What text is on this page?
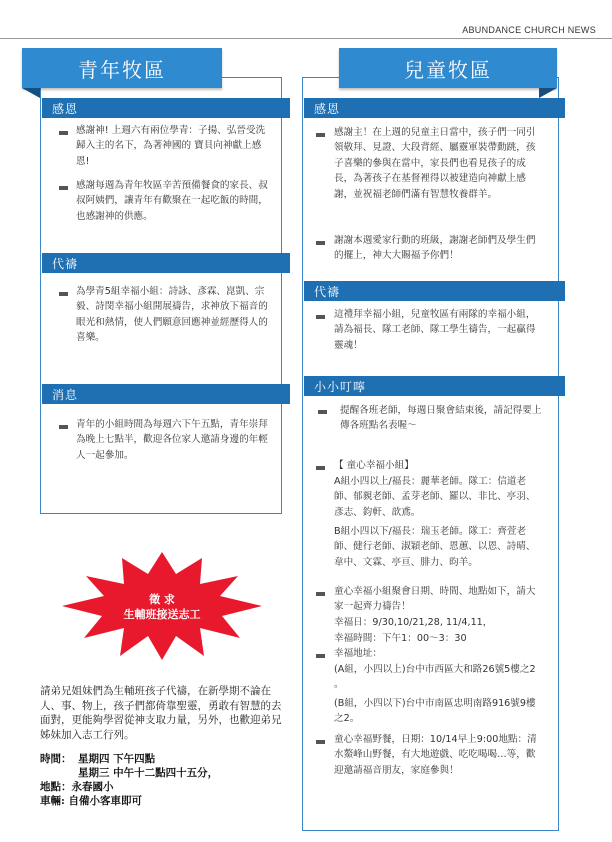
ABUNDANCE CHURCH NEWS
青年牧區
感恩
感謝神! 上週六有兩位學青：子揚、弘晉受洗歸入主的名下，為著神國的 寶貝向神獻上感恩!
感謝每週為青年牧區辛苦預備餐食的家長、叔叔阿姨們，讓青年有歡聚在一起吃飯的時間，也感謝神的供應。
代禱
為學青5組幸福小組：詩詠、彥霖、崑凱、宗毅、詩閔幸福小組開展禱告，求神放下福音的眼光和熱情，使人們願意回應神並經歷得人的喜樂。
消息
青年的小組時間為每週六下午五點，青年崇拜為晚上七點半，歡迎各位家人邀請身邊的年輕人一起參加。
徵 求
生輔班接送志工
請弟兄姐妹們為生輔班孩子代禱，在新學期不論在人、事、物上，孩子們都倚靠聖靈，勇敢有智慧的去面對，更能夠學習從神支取力量，另外，也歡迎弟兄姊妹加入志工行列。
時間： 星期四 下午四點
星期三 中午十二點四十五分，
地點：永春國小
車輛: 自備小客車即可
兒童牧區
感恩
感謝主！在上週的兒童主日當中，孩子們一同引領敬拜、見證、大段背經、屬靈軍裝帶動跳，孩子喜樂的參與在當中，家長們也看見孩子的成長，為著孩子在基督裡得以被建造向神獻上感謝，並祝福老師們滿有智慧牧養群羊。
謝謝本週愛家行動的班級，謝謝老師們及學生們的擺上，神大大賜福予你們！
代禱
這禮拜幸福小組，兒童牧區有兩隊的幸福小組，請為福長、隊工老師、隊工學生禱告，一起贏得靈魂！
小小叮嚀
提醒各班老師，每週日聚會結束後，請記得要上傳各班點名表喔～
【 童心幸福小組】
A組小四以上/福長：麗華老師。隊工：信道老師、郁親老師、孟芽老師、羅以、非比、亭羽、彥志、鈞軒、歆鳶。
B組小四以下/福長：瑞玉老師。隊工：齊萱老師、健行老師、淑穎老師、恩蕙、以恩、詩晴、韋中、文霖、亭亘、腓力、昀羊。
童心幸福小組聚會日期、時間、地點如下，請大家一起齊力禱告！
幸福日：9/30,10/21,28, 11/4,11，
幸福時間：下午1：00～3：30
幸福地址：
(A組，小四以上)台中市西區大和路26號5樓之2 。
(B組，小四以下)台中市南區忠明南路916號9樓之2。
童心幸福野餐，日期：10/14早上9:00地點：清水鰲峰山野餐，有大地遊戲、吃吃喝喝…等，歡迎邀請福音朋友，家庭參與！
